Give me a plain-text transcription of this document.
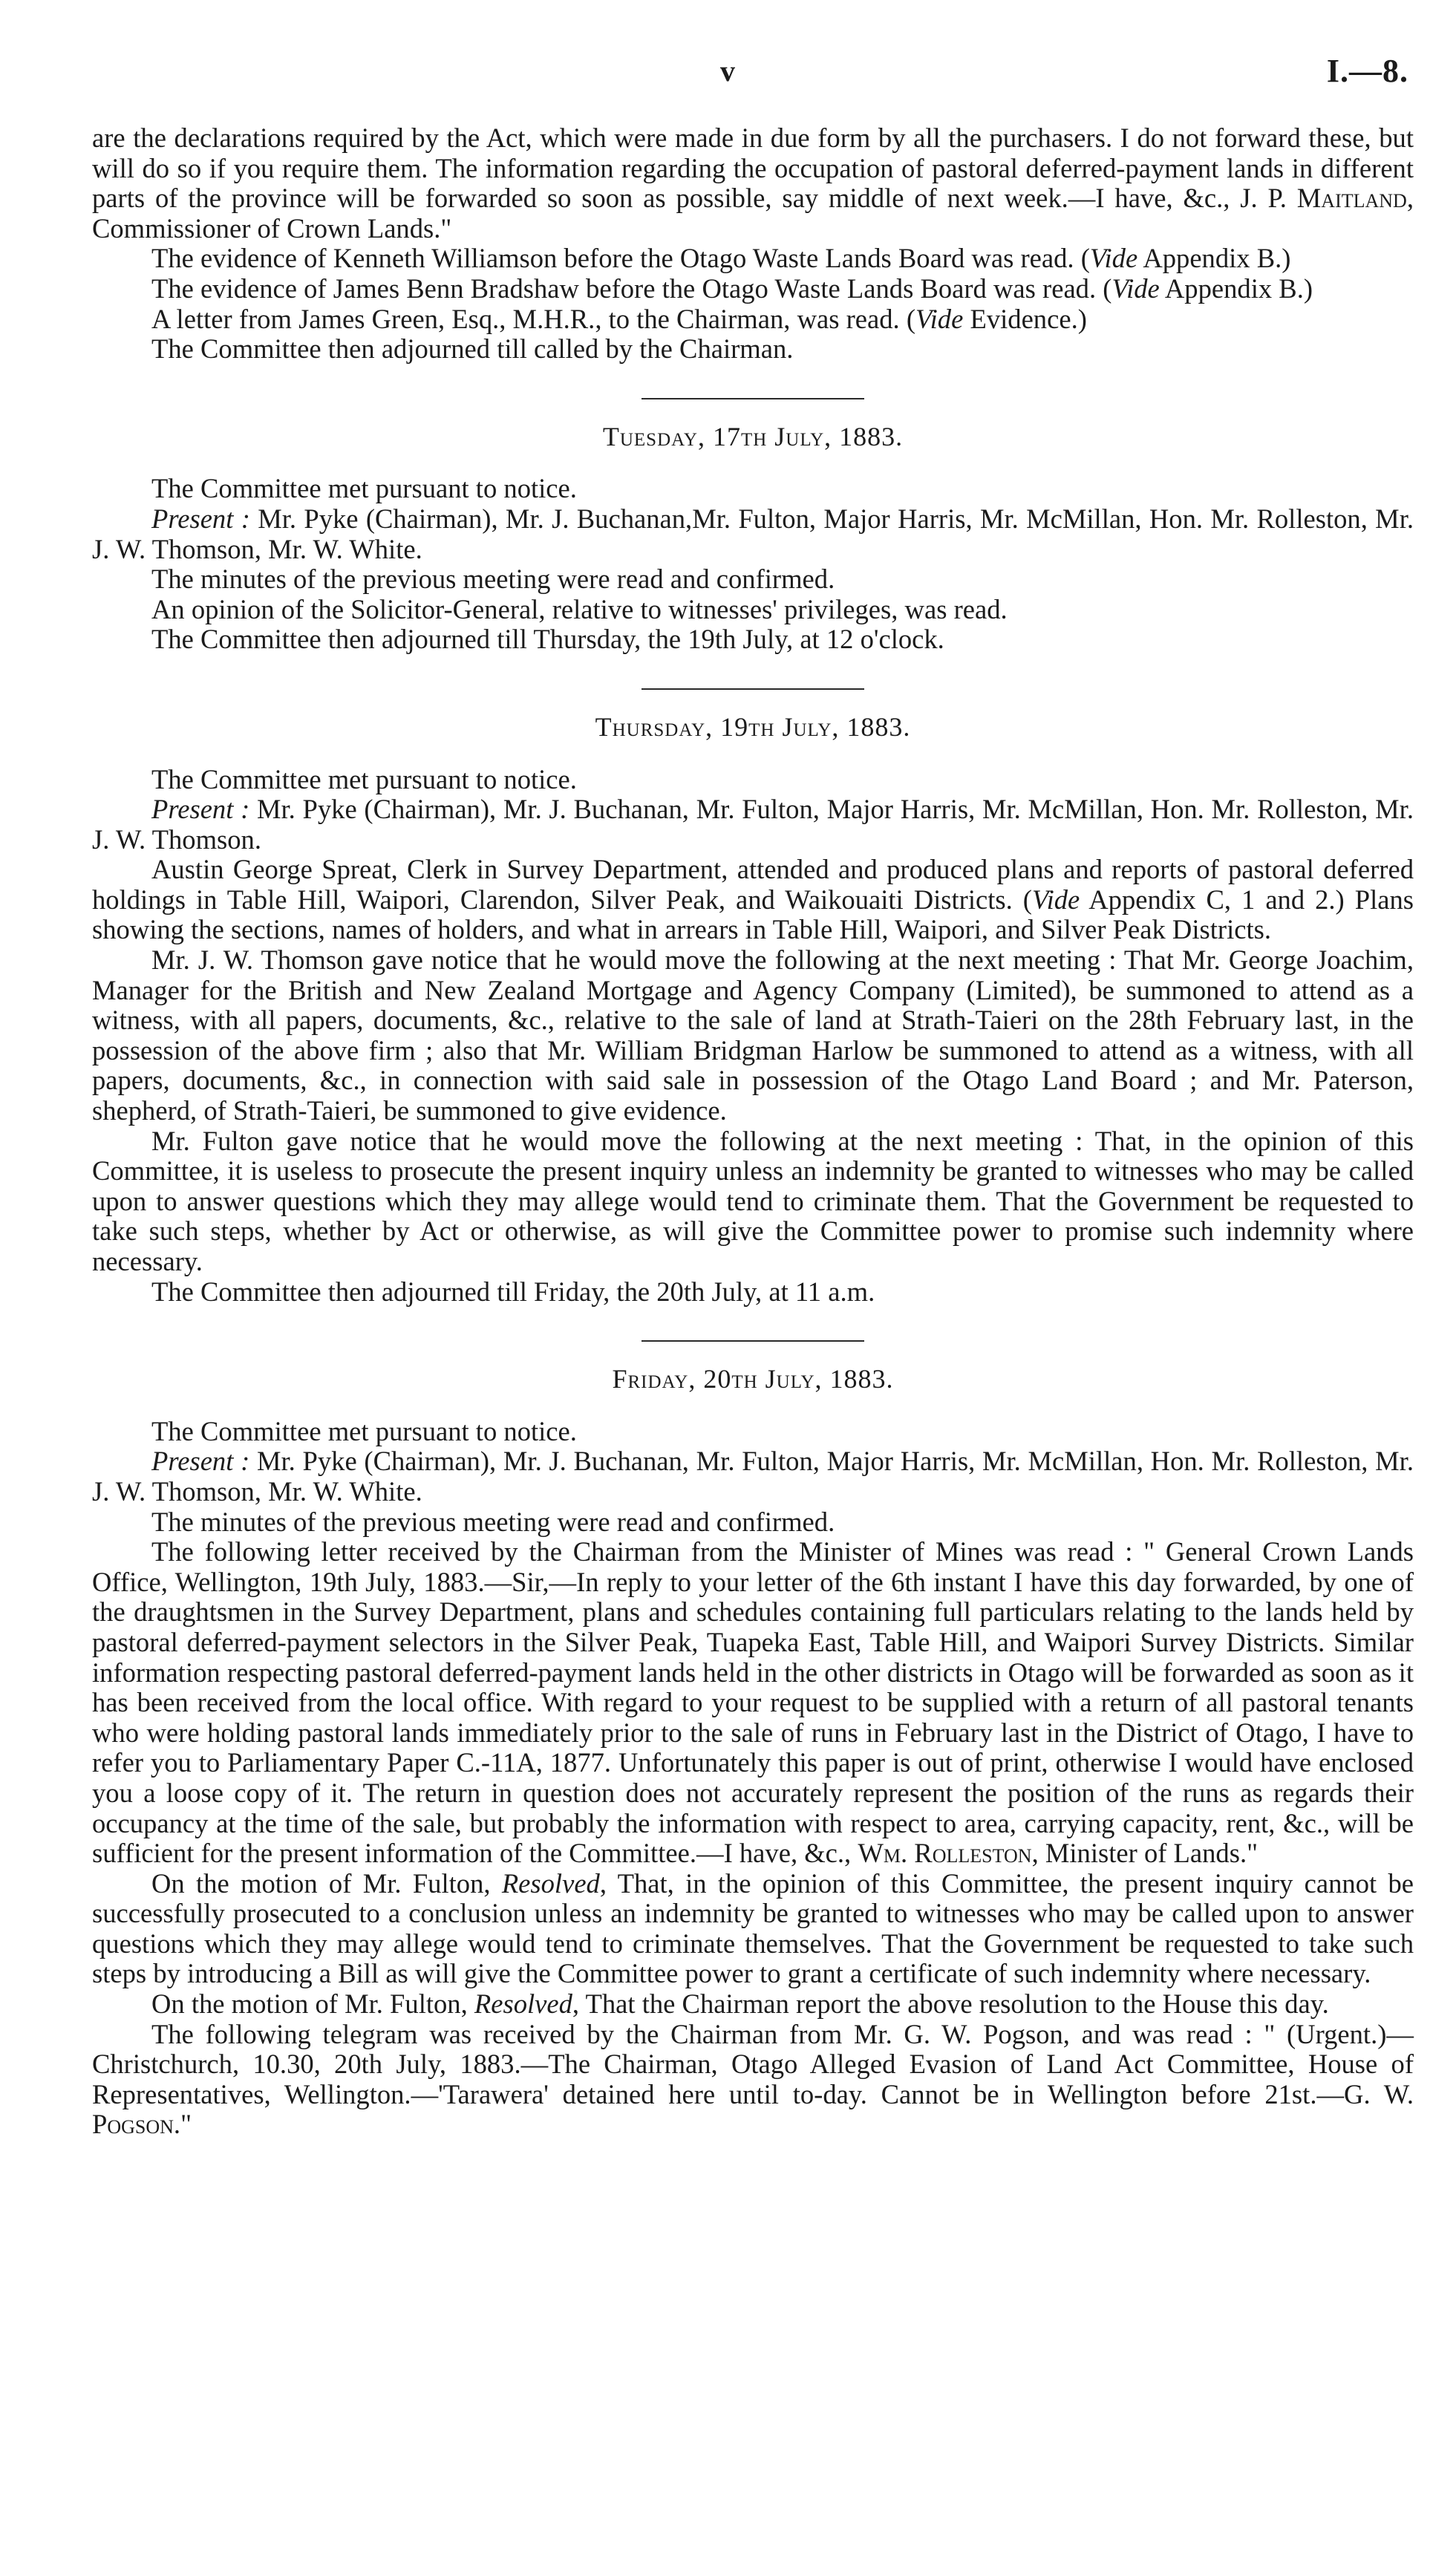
v	I.—8.

are the declarations required by the Act, which were made in due form by all the purchasers. I do not forward these, but will do so if you require them. The information regarding the occupation of pastoral deferred-payment lands in different parts of the province will be forwarded so soon as possible, say middle of next week.—I have, &c., J. P. Maitland, Commissioner of Crown Lands."

The evidence of Kenneth Williamson before the Otago Waste Lands Board was read. (Vide Appendix B.)

The evidence of James Benn Bradshaw before the Otago Waste Lands Board was read. (Vide Appendix B.)

A letter from James Green, Esq., M.H.R., to the Chairman, was read. (Vide Evidence.)

The Committee then adjourned till called by the Chairman.

Tuesday, 17th July, 1883.

The Committee met pursuant to notice.

Present : Mr. Pyke (Chairman), Mr. J. Buchanan,Mr. Fulton, Major Harris, Mr. McMillan, Hon. Mr. Rolleston, Mr. J. W. Thomson, Mr. W. White.

The minutes of the previous meeting were read and confirmed.

An opinion of the Solicitor-General, relative to witnesses' privileges, was read.

The Committee then adjourned till Thursday, the 19th July, at 12 o'clock.

Thursday, 19th July, 1883.

The Committee met pursuant to notice.

Present : Mr. Pyke (Chairman), Mr. J. Buchanan, Mr. Fulton, Major Harris, Mr. McMillan, Hon. Mr. Rolleston, Mr. J. W. Thomson.

Austin George Spreat, Clerk in Survey Department, attended and produced plans and reports of pastoral deferred holdings in Table Hill, Waipori, Clarendon, Silver Peak, and Waikouaiti Districts. (Vide Appendix C, 1 and 2.) Plans showing the sections, names of holders, and what in arrears in Table Hill, Waipori, and Silver Peak Districts.

Mr. J. W. Thomson gave notice that he would move the following at the next meeting : That Mr. George Joachim, Manager for the British and New Zealand Mortgage and Agency Company (Limited), be summoned to attend as a witness, with all papers, documents, &c., relative to the sale of land at Strath-Taieri on the 28th February last, in the possession of the above firm ; also that Mr. William Bridgman Harlow be summoned to attend as a witness, with all papers, documents, &c., in connection with said sale in possession of the Otago Land Board ; and Mr. Paterson, shepherd, of Strath-Taieri, be summoned to give evidence.

Mr. Fulton gave notice that he would move the following at the next meeting : That, in the opinion of this Committee, it is useless to prosecute the present inquiry unless an indemnity be granted to witnesses who may be called upon to answer questions which they may allege would tend to criminate them. That the Government be requested to take such steps, whether by Act or otherwise, as will give the Committee power to promise such indemnity where necessary.

The Committee then adjourned till Friday, the 20th July, at 11 a.m.

Friday, 20th July, 1883.

The Committee met pursuant to notice.

Present : Mr. Pyke (Chairman), Mr. J. Buchanan, Mr. Fulton, Major Harris, Mr. McMillan, Hon. Mr. Rolleston, Mr. J. W. Thomson, Mr. W. White.

The minutes of the previous meeting were read and confirmed.

The following letter received by the Chairman from the Minister of Mines was read : " General Crown Lands Office, Wellington, 19th July, 1883.—Sir,—In reply to your letter of the 6th instant I have this day forwarded, by one of the draughtsmen in the Survey Department, plans and schedules containing full particulars relating to the lands held by pastoral deferred-payment selectors in the Silver Peak, Tuapeka East, Table Hill, and Waipori Survey Districts. Similar information respecting pastoral deferred-payment lands held in the other districts in Otago will be forwarded as soon as it has been received from the local office. With regard to your request to be supplied with a return of all pastoral tenants who were holding pastoral lands immediately prior to the sale of runs in February last in the District of Otago, I have to refer you to Parliamentary Paper C.-11A, 1877. Unfortunately this paper is out of print, otherwise I would have enclosed you a loose copy of it. The return in question does not accurately represent the position of the runs as regards their occupancy at the time of the sale, but probably the information with respect to area, carrying capacity, rent, &c., will be sufficient for the present information of the Committee.—I have, &c., Wm. Rolleston, Minister of Lands."

On the motion of Mr. Fulton, Resolved, That, in the opinion of this Committee, the present inquiry cannot be successfully prosecuted to a conclusion unless an indemnity be granted to witnesses who may be called upon to answer questions which they may allege would tend to criminate themselves. That the Government be requested to take such steps by introducing a Bill as will give the Committee power to grant a certificate of such indemnity where necessary.

On the motion of Mr. Fulton, Resolved, That the Chairman report the above resolution to the House this day.

The following telegram was received by the Chairman from Mr. G. W. Pogson, and was read : " (Urgent.)—Christchurch, 10.30, 20th July, 1883.—The Chairman, Otago Alleged Evasion of Land Act Committee, House of Representatives, Wellington.—'Tarawera' detained here until to-day. Cannot be in Wellington before 21st.—G. W. Pogson."
